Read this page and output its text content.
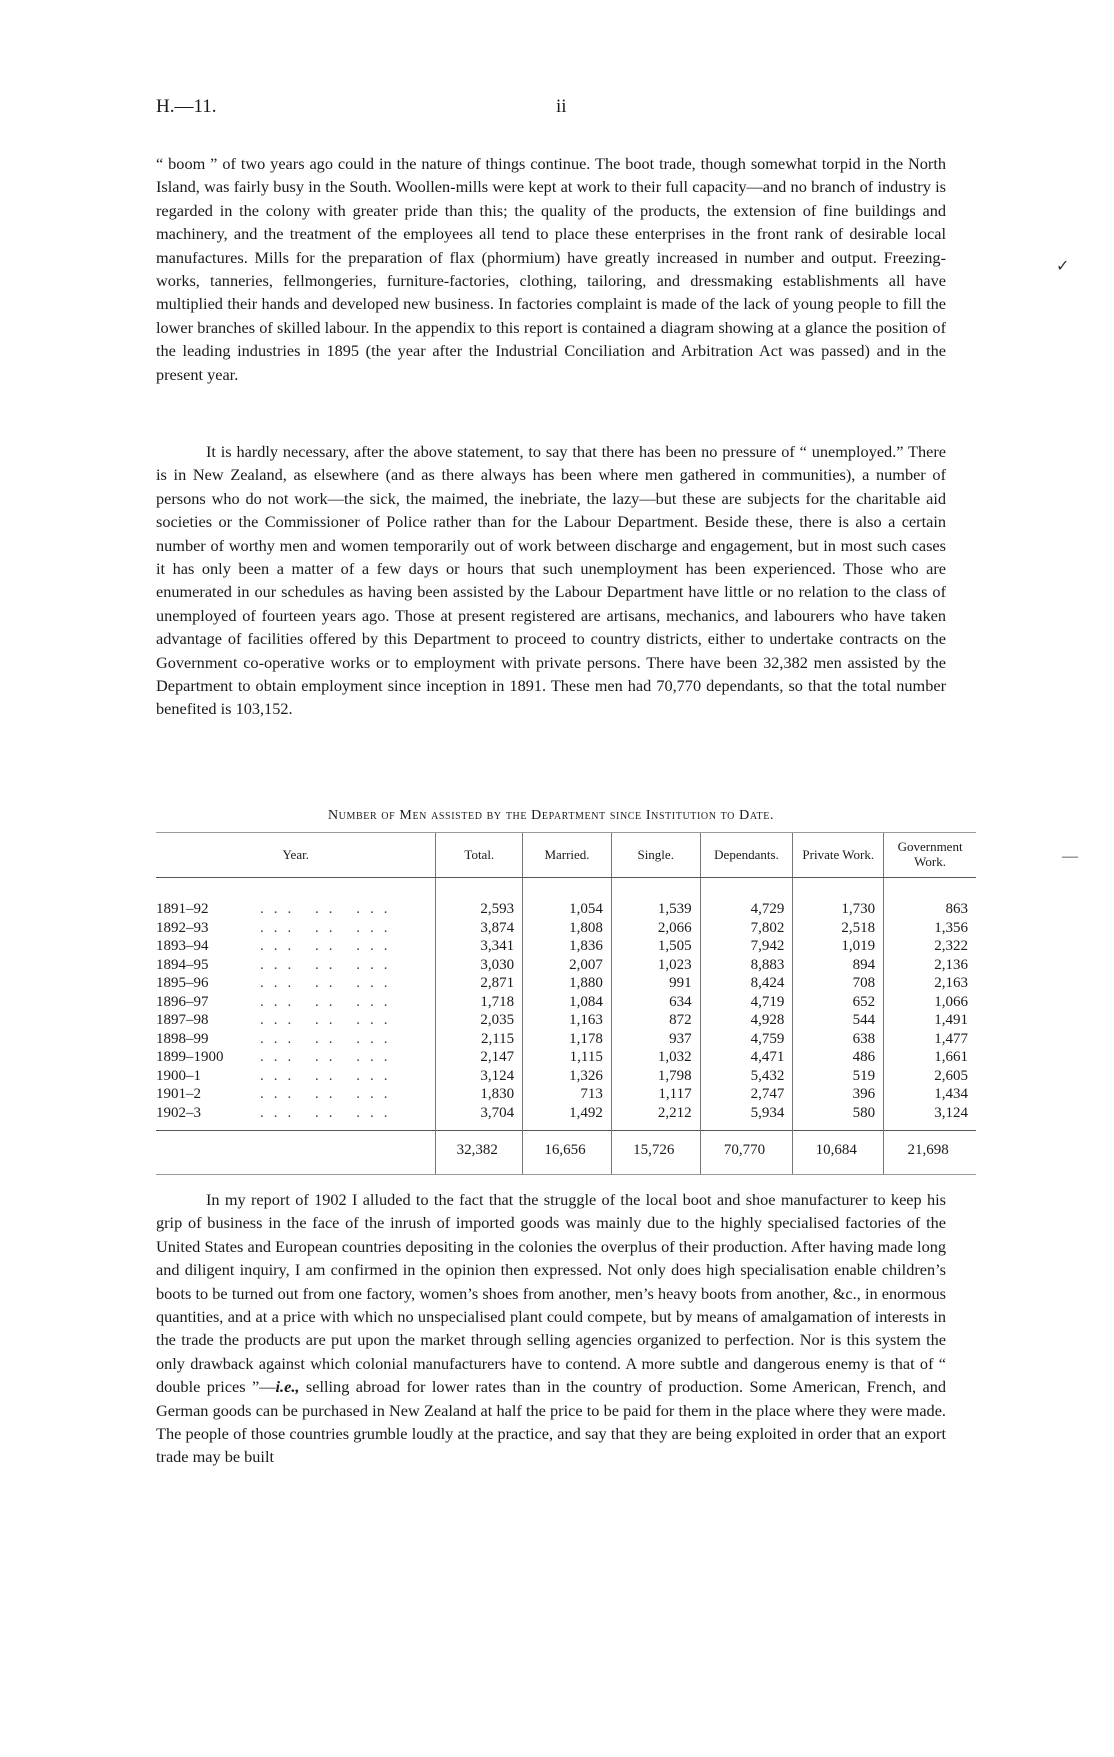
H.—11.	ii

“ boom ” of two years ago could in the nature of things continue. The boot trade, though somewhat torpid in the North Island, was fairly busy in the South. Woollen-mills were kept at work to their full capacity—and no branch of industry is regarded in the colony with greater pride than this; the quality of the products, the extension of fine buildings and machinery, and the treatment of the employees all tend to place these enterprises in the front rank of desirable local manufactures. Mills for the preparation of flax (phormium) have greatly increased in number and output. Freezing-works, tanneries, fellmongeries, furniture-factories, clothing, tailoring, and dressmaking establishments all have multiplied their hands and developed new business. In factories complaint is made of the lack of young people to fill the lower branches of skilled labour. In the appendix to this report is contained a diagram showing at a glance the position of the leading industries in 1895 (the year after the Industrial Conciliation and Arbitration Act was passed) and in the present year.

It is hardly necessary, after the above statement, to say that there has been no pressure of “ unemployed.” There is in New Zealand, as elsewhere (and as there always has been where men gathered in communities), a number of persons who do not work—the sick, the maimed, the inebriate, the lazy—but these are subjects for the charitable aid societies or the Commissioner of Police rather than for the Labour Department. Beside these, there is also a certain number of worthy men and women temporarily out of work between discharge and engagement, but in most such cases it has only been a matter of a few days or hours that such unemployment has been experienced. Those who are enumerated in our schedules as having been assisted by the Labour Department have little or no relation to the class of unemployed of fourteen years ago. Those at present registered are artisans, mechanics, and labourers who have taken advantage of facilities offered by this Department to proceed to country districts, either to undertake contracts on the Government co-operative works or to employment with private persons. There have been 32,382 men assisted by the Department to obtain employment since inception in 1891. These men had 70,770 dependants, so that the total number benefited is 103,152.

Number of Men assisted by the Department since Institution to Date.
Year.	Total.	Married.	Single.	Dependants.	Private Work.	Government Work.
1891–92 ... .. ...	2,593	1,054	1,539	4,729	1,730	863
1892–93 ... .. ...	3,874	1,808	2,066	7,802	2,518	1,356
1893–94 ... .. ...	3,341	1,836	1,505	7,942	1,019	2,322
1894–95 ... .. ...	3,030	2,007	1,023	8,883	894	2,136
1895–96 ... .. ...	2,871	1,880	991	8,424	708	2,163
1896–97 ... .. ...	1,718	1,084	634	4,719	652	1,066
1897–98 ... .. ...	2,035	1,163	872	4,928	544	1,491
1898–99 ... .. ...	2,115	1,178	937	4,759	638	1,477
1899–1900 ... .. ...	2,147	1,115	1,032	4,471	486	1,661
1900–1 ... .. ...	3,124	1,326	1,798	5,432	519	2,605
1901–2 ... .. ...	1,830	713	1,117	2,747	396	1,434
1902–3 ... .. ...	3,704	1,492	2,212	5,934	580	3,124
	32,382	16,656	15,726	70,770	10,684	21,698

In my report of 1902 I alluded to the fact that the struggle of the local boot and shoe manufacturer to keep his grip of business in the face of the inrush of imported goods was mainly due to the highly specialised factories of the United States and European countries depositing in the colonies the overplus of their production. After having made long and diligent inquiry, I am confirmed in the opinion then expressed. Not only does high specialisation enable children’s boots to be turned out from one factory, women’s shoes from another, men’s heavy boots from another, &c., in enormous quantities, and at a price with which no unspecialised plant could compete, but by means of amalgamation of interests in the trade the products are put upon the market through selling agencies organized to perfection. Nor is this system the only drawback against which colonial manufacturers have to contend. A more subtle and dangerous enemy is that of “ double prices ”—i.e., selling abroad for lower rates than in the country of production. Some American, French, and German goods can be purchased in New Zealand at half the price to be paid for them in the place where they were made. The people of those countries grumble loudly at the practice, and say that they are being exploited in order that an export trade may be built

✓
—
